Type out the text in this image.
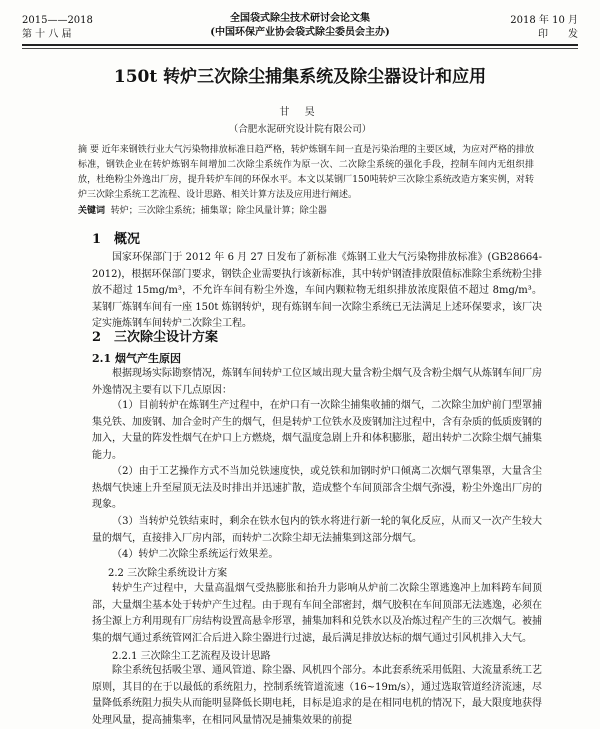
2015——2018
第 十 八 届
全国袋式除尘技术研讨会论文集
(中国环保产业协会袋式除尘委员会主办)
2018 年 10 月
印　　发
150t 转炉三次除尘捕集系统及除尘器设计和应用
甘 昊
（合肥水泥研究设计院有限公司）
摘 要 近年来钢铁行业大气污染物排放标准日趋严格，转炉炼钢车间一直是污染治理的主要区域，为应对严格的排放标准，钢铁企业在转炉炼钢车间增加二次除尘系统作为原一次、二次除尘系统的强化手段，控制车间内无组织排放，杜绝粉尘外逸出厂房，提升转炉车间的环保水平。本文以某钢厂150吨转炉三次除尘系统改造方案实例，对转炉三次除尘系统工艺流程、设计思路、相关计算方法及应用进行阐述。
关键词 转炉；三次除尘系统；捕集罩；除尘风量计算；除尘器
1 概况
国家环保部门于 2012 年 6 月 27 日发布了新标准《炼钢工业大气污染物排放标准》(GB28664-2012)，根据环保部门要求，钢铁企业需要执行该新标准，其中转炉钢渣排放限值标准除尘系统粉尘排放不超过 15mg/m³，不允许车间有粉尘外逸，车间内颗粒物无组织排放浓度限值不超过 8mg/m³。某钢厂炼钢车间有一座 150t 炼钢转炉，现有炼钢车间一次除尘系统已无法满足上述环保要求，该厂决定实施炼钢车间转炉二次除尘工程。
2 三次除尘设计方案
2.1 烟气产生原因
根据现场实际勘察情况，炼钢车间转炉工位区域出现大量含粉尘烟气及含粉尘烟气从炼钢车间厂房外逸情况主要有以下几点原因：
（1）目前转炉在炼钢生产过程中，在炉口有一次除尘捕集收捕的烟气，二次除尘加炉前门型罩捕集兑铁、加废钢、加合金时产生的烟气，但是转炉工位铁水及废钢加注过程中，含有杂质的低质废钢的加入，大量的阵发性烟气在炉口上方燃烧，烟气温度急剧上升和体积膨胀，超出转炉二次除尘烟气捕集能力。
（2）由于工艺操作方式不当加兑铁速度快，或兑铁和加钢时炉口倾离二次烟气罩集罩，大量含尘热烟气快速上升至屋顶无法及时排出并迅速扩散，造成整个车间顶部含尘烟气弥漫，粉尘外逸出厂房的现象。
（3）当转炉兑铁结束时，剩余在铁水包内的铁水将进行新一轮的氧化反应，从而又一次产生较大量的烟气，直接排入厂房内部，而转炉二次除尘却无法捕集到这部分烟气。
（4）转炉二次除尘系统运行效果差。
2.2 三次除尘系统设计方案
转炉生产过程中，大量高温烟气受热膨胀和抬升力影响从炉前二次除尘罩逃逸冲上加料跨车间顶部，大量烟尘基本处于转炉产生过程。由于现有车间全部密封，烟气胶积在车间顶部无法逃逸，必须在扬尘源上方利用现有厂房结构设置高悬伞形罩，捕集加料和兑铁水以及冶炼过程产生的三次烟气。被捕集的烟气通过系统管网汇合后进入除尘器进行过滤，最后满足排放达标的烟气通过引风机排入大气。
2.2.1 三次除尘工艺流程及设计思路
除尘系统包括吸尘罩、通风管道、除尘器、风机四个部分。本此套系统采用低阻、大流量系统工艺原则，其目的在于以最低的系统阻力，控制系统管道流速（16~19m/s），通过选取管道经济流速，尽量降低系统阻力损失从而能明显降低长期电耗，目标是追求的是在相同电机的情况下，最大限度地获得处理风量，提高捕集率，在相同风量情况是捕集效果的前提
